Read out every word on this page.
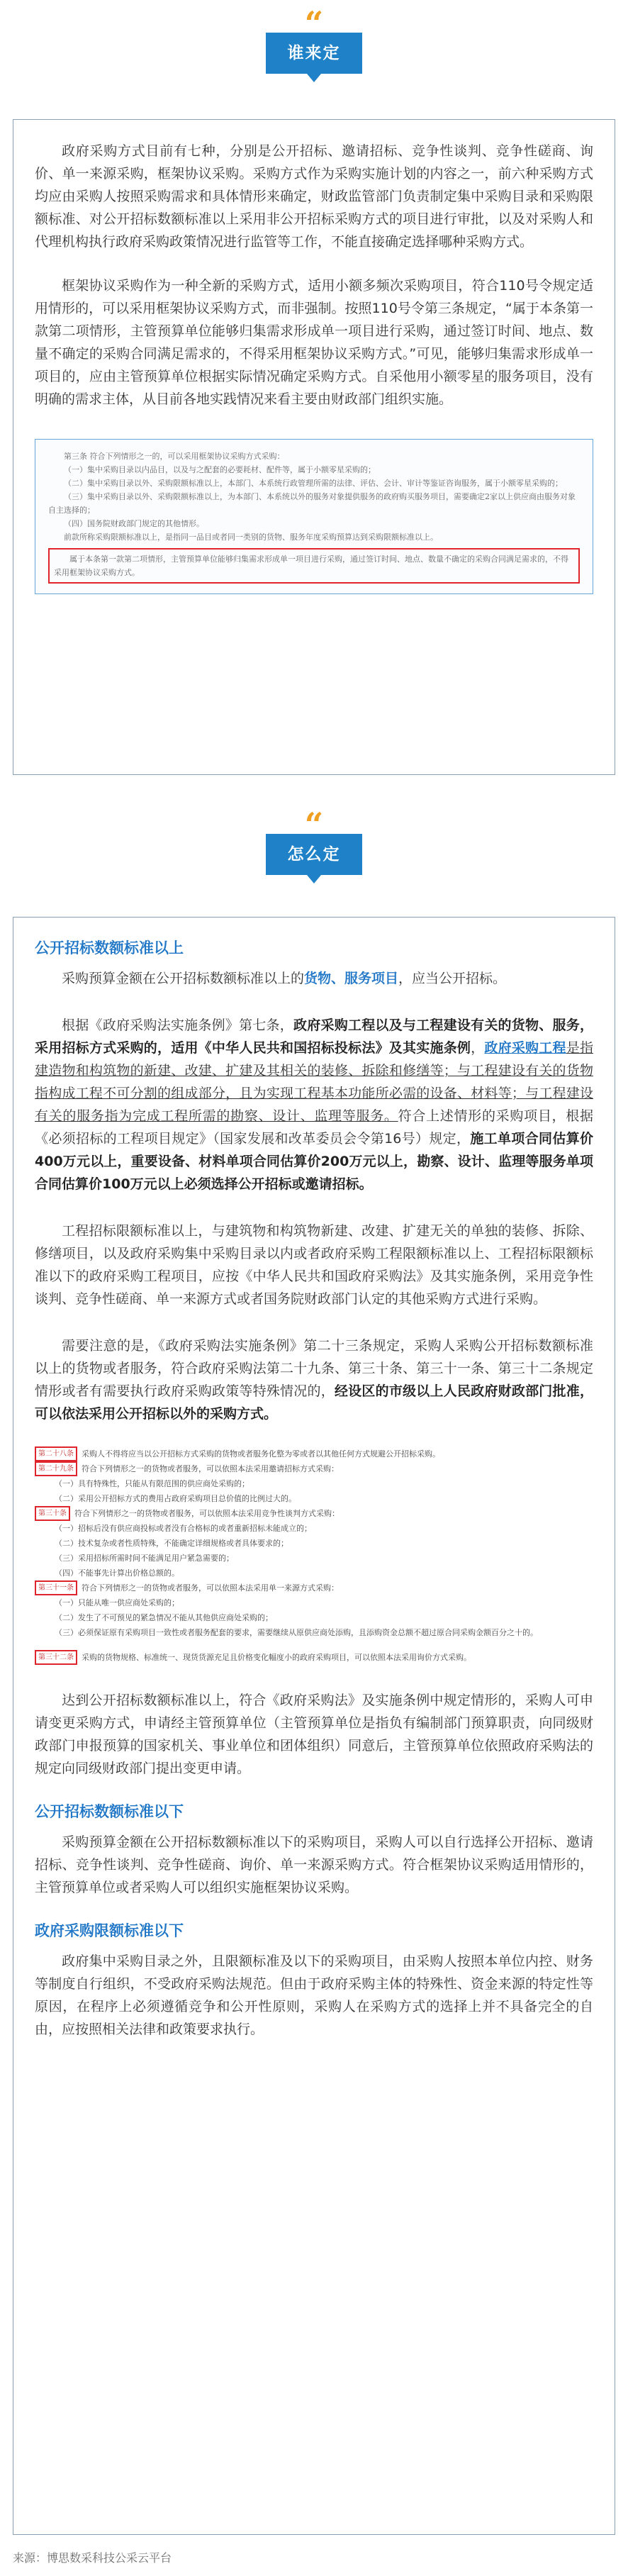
“
谁来定

政府采购方式目前有七种，分别是公开招标、邀请招标、竞争性谈判、竞争性磋商、询价、单一来源采购，框架协议采购。采购方式作为采购实施计划的内容之一，前六种采购方式均应由采购人按照采购需求和具体情形来确定，财政监管部门负责制定集中采购目录和采购限额标准、对公开招标数额标准以上采用非公开招标采购方式的项目进行审批，以及对采购人和代理机构执行政府采购政策情况进行监管等工作，不能直接确定选择哪种采购方式。

框架协议采购作为一种全新的采购方式，适用小额多频次采购项目，符合110号令规定适用情形的，可以采用框架协议采购方式，而非强制。按照110号令第三条规定，“属于本条第一款第二项情形，主管预算单位能够归集需求形成单一项目进行采购，通过签订时间、地点、数量不确定的采购合同满足需求的，不得采用框架协议采购方式。”可见，能够归集需求形成单一项目的，应由主管预算单位根据实际情况确定采购方式。自采他用小额零星的服务项目，没有明确的需求主体，从目前各地实践情况来看主要由财政部门组织实施。

第三条 符合下列情形之一的，可以采用框架协议采购方式采购：
（一）集中采购目录以内品目，以及与之配套的必要耗材、配件等，属于小额零星采购的；
（二）集中采购目录以外、采购限额标准以上，本部门、本系统行政管理所需的法律、评估、会计、审计等鉴证咨询服务，属于小额零星采购的；
（三）集中采购目录以外、采购限额标准以上，为本部门、本系统以外的服务对象提供服务的政府购买服务项目，需要确定2家以上供应商由服务对象自主选择的；
（四）国务院财政部门规定的其他情形。
前款所称采购限额标准以上，是指同一品目或者同一类别的货物、服务年度采购预算达到采购限额标准以上。
属于本条第一款第二项情形，主管预算单位能够归集需求形成单一项目进行采购，通过签订时间、地点、数量不确定的采购合同满足需求的，不得采用框架协议采购方式。
“
怎么定
公开招标数额标准以上

采购预算金额在公开招标数额标准以上的货物、服务项目，应当公开招标。

根据《政府采购法实施条例》第七条，政府采购工程以及与工程建设有关的货物、服务，采用招标方式采购的，适用《中华人民共和国招标投标法》及其实施条例，政府采购工程是指建造物和构筑物的新建、改建、扩建及其相关的装修、拆除和修缮等；与工程建设有关的货物指构成工程不可分割的组成部分，且为实现工程基本功能所必需的设备、材料等；与工程建设有关的服务指为完成工程所需的勘察、设计、监理等服务。符合上述情形的采购项目，根据《必须招标的工程项目规定》（国家发展和改革委员会令第16号）规定，施工单项合同估算价400万元以上，重要设备、材料单项合同估算价200万元以上，勘察、设计、监理等服务单项合同估算价100万元以上必须选择公开招标或邀请招标。

工程招标限额标准以上，与建筑物和构筑物新建、改建、扩建无关的单独的装修、拆除、修缮项目，以及政府采购集中采购目录以内或者政府采购工程限额标准以上、工程招标限额标准以下的政府采购工程项目，应按《中华人民共和国政府采购法》及其实施条例，采用竞争性谈判、竞争性磋商、单一来源方式或者国务院财政部门认定的其他采购方式进行采购。

需要注意的是，《政府采购法实施条例》第二十三条规定，采购人采购公开招标数额标准以上的货物或者服务，符合政府采购法第二十九条、第三十条、第三十一条、第三十二条规定情形或者有需要执行政府采购政策等特殊情况的，经设区的市级以上人民政府财政部门批准，可以依法采用公开招标以外的采购方式。

第二十八条	采购人不得将应当以公开招标方式采购的货物或者服务化整为零或者以其他任何方式规避公开招标采购。
第二十九条	符合下列情形之一的货物或者服务，可以依照本法采用邀请招标方式采购：
（一）具有特殊性，只能从有限范围的供应商处采购的；
（二）采用公开招标方式的费用占政府采购项目总价值的比例过大的。
第三十条	符合下列情形之一的货物或者服务，可以依照本法采用竞争性谈判方式采购：
（一）招标后没有供应商投标或者没有合格标的或者重新招标未能成立的；
（二）技术复杂或者性质特殊，不能确定详细规格或者具体要求的；
（三）采用招标所需时间不能满足用户紧急需要的；
（四）不能事先计算出价格总额的。
第三十一条	符合下列情形之一的货物或者服务，可以依照本法采用单一来源方式采购：
（一）只能从唯一供应商处采购的；
（二）发生了不可预见的紧急情况不能从其他供应商处采购的；
（三）必须保证原有采购项目一致性或者服务配套的要求，需要继续从原供应商处添购，且添购资金总额不超过原合同采购金额百分之十的。
第三十二条	采购的货物规格、标准统一、现货货源充足且价格变化幅度小的政府采购项目，可以依照本法采用询价方式采购。

达到公开招标数额标准以上，符合《政府采购法》及实施条例中规定情形的，采购人可申请变更采购方式，申请经主管预算单位（主管预算单位是指负有编制部门预算职责，向同级财政部门申报预算的国家机关、事业单位和团体组织）同意后，主管预算单位依照政府采购法的规定向同级财政部门提出变更申请。

公开招标数额标准以下

采购预算金额在公开招标数额标准以下的采购项目，采购人可以自行选择公开招标、邀请招标、竞争性谈判、竞争性磋商、询价、单一来源采购方式。符合框架协议采购适用情形的，主管预算单位或者采购人可以组织实施框架协议采购。

政府采购限额标准以下

政府集中采购目录之外，且限额标准及以下的采购项目，由采购人按照本单位内控、财务等制度自行组织，不受政府采购法规范。但由于政府采购主体的特殊性、资金来源的特定性等原因，在程序上必须遵循竞争和公开性原则，采购人在采购方式的选择上并不具备完全的自由，应按照相关法律和政策要求执行。

来源：博思数采科技公采云平台
